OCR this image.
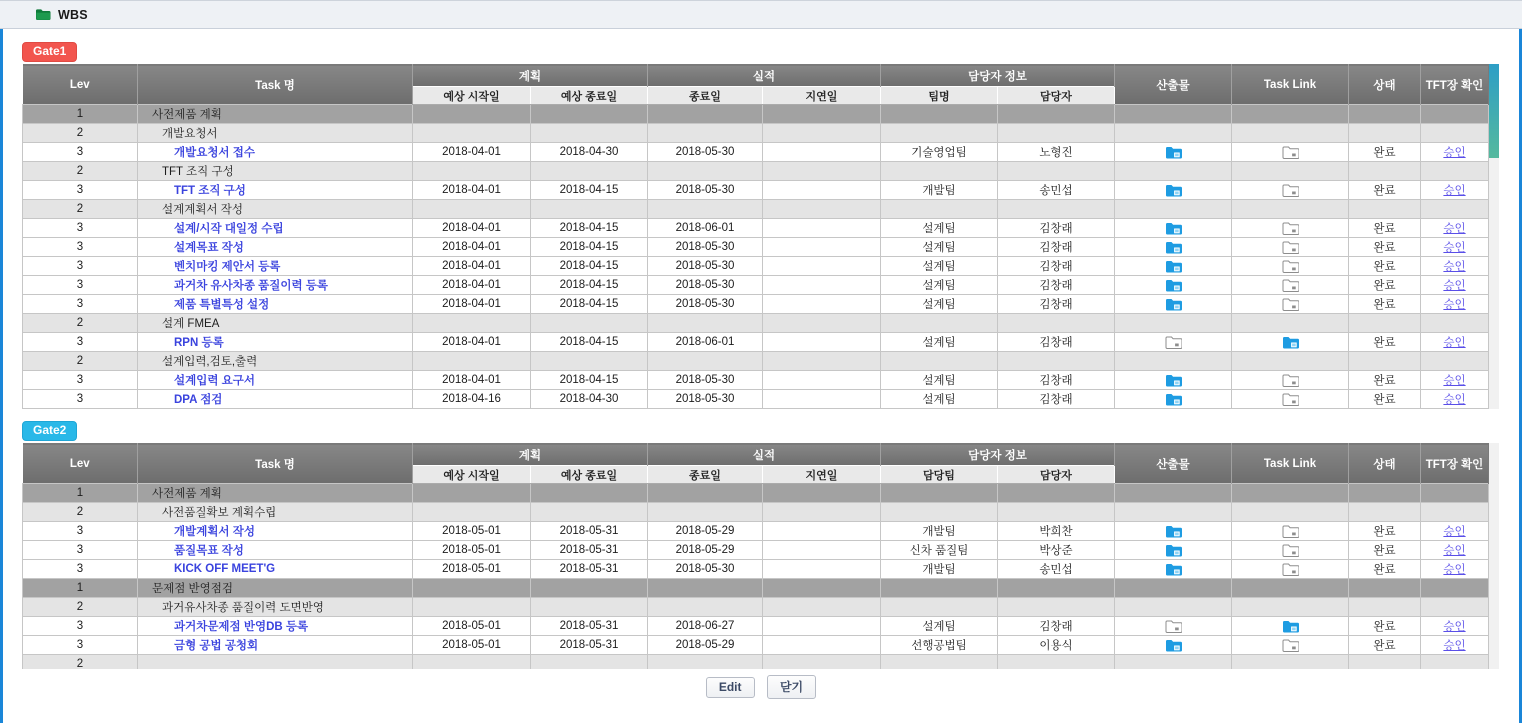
WBS
Gate1
Lev	Task 명	계획		실적		담당자 정보		산출물	Task Link	상태	TFT장 확인
		예상 시작일	예상 종료일	종료일	지연일	팀명	담당자				
1	사전제품 계획										
2	개발요청서										
3	개발요청서 접수	2018-04-01	2018-04-30	2018-05-30		기술영업팀	노형진			완료	승인
2	TFT 조직 구성										
3	TFT 조직 구성	2018-04-01	2018-04-15	2018-05-30		개발팀	송민섭			완료	승인
2	설계계획서 작성										
3	설계/시작 대일정 수립	2018-04-01	2018-04-15	2018-06-01		설계팀	김창래			완료	승인
3	설계목표 작성	2018-04-01	2018-04-15	2018-05-30		설계팀	김창래			완료	승인
3	벤치마킹 제안서 등록	2018-04-01	2018-04-15	2018-05-30		설계팀	김창래			완료	승인
3	과거차 유사차종 품질이력 등록	2018-04-01	2018-04-15	2018-05-30		설계팀	김창래			완료	승인
3	제품 특별특성 설정	2018-04-01	2018-04-15	2018-05-30		설계팀	김창래			완료	승인
2	설계 FMEA										
3	RPN 등록	2018-04-01	2018-04-15	2018-06-01		설계팀	김창래			완료	승인
2	설계입력,검토,출력										
3	설계입력 요구서	2018-04-01	2018-04-15	2018-05-30		설계팀	김창래			완료	승인
3	DPA 점검	2018-04-16	2018-04-30	2018-05-30		설계팀	김창래			완료	승인
Gate2
Lev	Task 명	계획		실적		담당자 정보		산출물	Task Link	상태	TFT장 확인
		예상 시작일	예상 종료일	종료일	지연일	담당팀	담당자				
1	사전제품 계획										
2	사전품질확보 계획수립										
3	개발계획서 작성	2018-05-01	2018-05-31	2018-05-29		개발팀	박희찬			완료	승인
3	품질목표 작성	2018-05-01	2018-05-31	2018-05-29		신차 품질팀	박상준			완료	승인
3	KICK OFF MEET'G	2018-05-01	2018-05-31	2018-05-30		개발팀	송민섭			완료	승인
1	문제점 반영점검										
2	과거유사차종 품질이력 도면반영										
3	과거차문제점 반영DB 등록	2018-05-01	2018-05-31	2018-06-27		설계팀	김창래			완료	승인
3	금형 공법 공청회	2018-05-01	2018-05-31	2018-05-29		선행공법팀	이용식			완료	승인
2											
Edit	닫기
